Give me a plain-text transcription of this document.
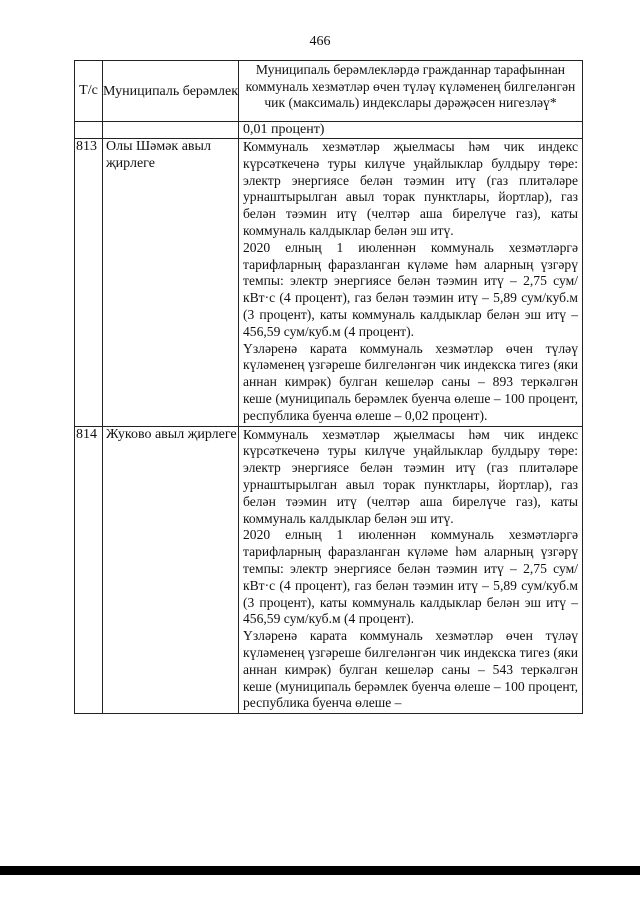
466
Т/с	Муниципаль берәмлек	Муниципаль берәмлекләрдә гражданнар тарафыннан коммуналь хезмәтләр өчен түләү күләменең билгеләнгән чик (максималь) индекслары дәрәҗәсен нигезләү*
		0,01 процент)
813	Олы Шәмәк авыл җирлеге	Коммуналь хезмәтләр җыелмасы һәм чик индекс күрсәткеченә туры килүче уңайлыклар булдыру төре: электр энергиясе белән тәэмин итү (газ плитәләре урнаштырылган авыл торак пунктлары, йортлар), газ белән тәэмин итү (челтәр аша бирелүче газ), каты коммуналь калдыклар белән эш итү.

2020 елның 1 июленнән коммуналь хезмәтләргә тарифларның фаразланган күләме һәм аларның үзгәрү темпы: электр энергиясе белән тәэмин итү – 2,75 сум/кВт·с (4 процент), газ белән тәэмин итү – 5,89 сум/куб.м (3 процент), каты коммуналь калдыклар белән эш итү – 456,59 сум/куб.м (4 процент).

Үзләренә карата коммуналь хезмәтләр өчен түләү күләменең үзгәреше билгеләнгән чик индекска тигез (яки аннан кимрәк) булган кешеләр саны – 893 теркәлгән кеше (муниципаль берәмлек буенча өлеше – 100 процент, республика буенча өлеше – 0,02 процент).

814	Жуково авыл җирлеге	Коммуналь хезмәтләр җыелмасы һәм чик индекс күрсәткеченә туры килүче уңайлыклар булдыру төре: электр энергиясе белән тәэмин итү (газ плитәләре урнаштырылган авыл торак пунктлары, йортлар), газ белән тәэмин итү (челтәр аша бирелүче газ), каты коммуналь калдыклар белән эш итү.

2020 елның 1 июленнән коммуналь хезмәтләргә тарифларның фаразланган күләме һәм аларның үзгәрү темпы: электр энергиясе белән тәэмин итү – 2,75 сум/кВт·с (4 процент), газ белән тәэмин итү – 5,89 сум/куб.м (3 процент), каты коммуналь калдыклар белән эш итү – 456,59 сум/куб.м (4 процент).

Үзләренә карата коммуналь хезмәтләр өчен түләү күләменең үзгәреше билгеләнгән чик индекска тигез (яки аннан кимрәк) булган кешеләр саны – 543 теркәлгән кеше (муниципаль берәмлек буенча өлеше – 100 процент, республика буенча өлеше –
